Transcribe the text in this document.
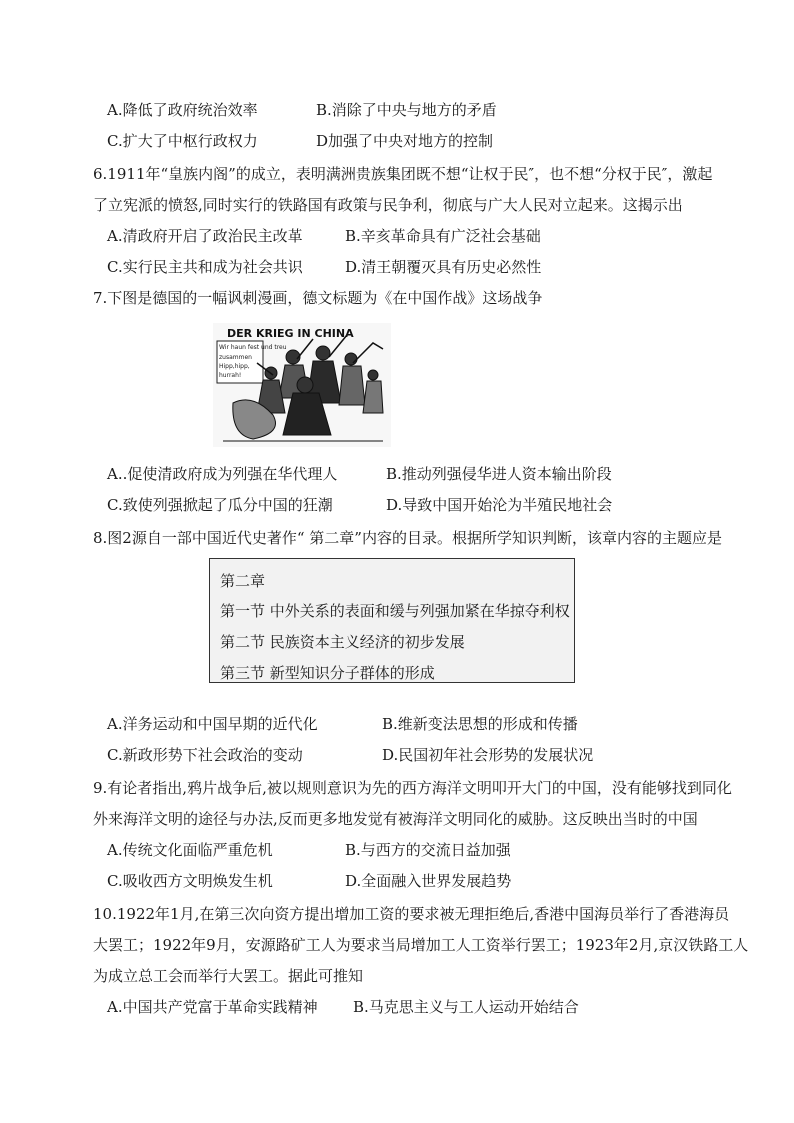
A.降低了政府统治效率	B.消除了中央与地方的矛盾
C.扩大了中枢行政权力	D加强了中央对地方的控制
6.1911年“皇族内阁”的成立，表明满洲贵族集团既不想“让权于民″，也不想“分权于民″，激起
了立宪派的愤怒,同时实行的铁路国有政策与民争利，彻底与广大人民对立起来。这揭示出
A.清政府开启了政治民主改革	B.辛亥革命具有广泛社会基础
C.实行民主共和成为社会共识	D.清王朝覆灭具有历史必然性
7.下图是德国的一幅讽刺漫画，德文标题为《在中国作战》这场战争
DER KRIEG IN CHINA
Wir haun fest und treu
zusammen
Hipp,hipp,
hurrah!
A..促使清政府成为列强在华代理人	B.推动列强侵华进人资本输出阶段
C.致使列强掀起了瓜分中国的狂潮	D.导致中国开始沦为半殖民地社会
8.图2源自一部中国近代史著作“ 第二章”内容的目录。根据所学知识判断，该章内容的主题应是
第二章
第一节 中外关系的表面和缓与列强加紧在华掠夺利权
第二节 民族资本主义经济的初步发展
第三节 新型知识分子群体的形成
A.洋务运动和中国早期的近代化	B.维新变法思想的形成和传播
C.新政形势下社会政治的变动	D.民国初年社会形势的发展状况
9.有论者指出,鸦片战争后,被以规则意识为先的西方海洋文明叩开大门的中国，没有能够找到同化
外来海洋文明的途径与办法,反而更多地发觉有被海洋文明同化的威胁。这反映出当时的中国
A.传统文化面临严重危机	B.与西方的交流日益加强
C.吸收西方文明焕发生机	D.全面融入世界发展趋势
10.1922年1月,在第三次向资方提出增加工资的要求被无理拒绝后,香港中国海员举行了香港海员
大罢工；1922年9月，安源路矿工人为要求当局增加工人工资举行罢工；1923年2月,京汉铁路工人
为成立总工会而举行大罢工。据此可推知
A.中国共产党富于革命实践精神 B.马克思主义与工人运动开始结合
